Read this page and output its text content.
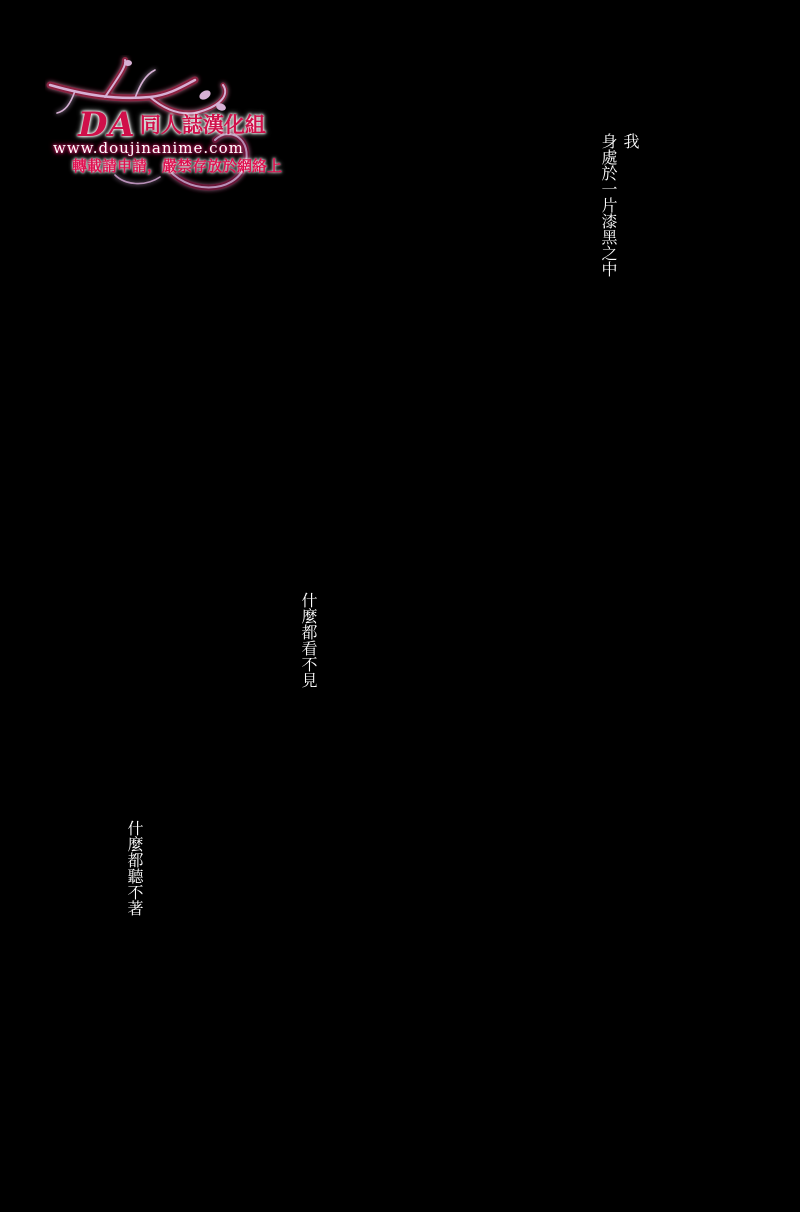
DA 同人誌漢化組
www.doujinanime.com
轉載請申請，嚴禁存放於網絡上
我
身處於一片漆黑之中
什麼都看不見
什麼都聽不著
